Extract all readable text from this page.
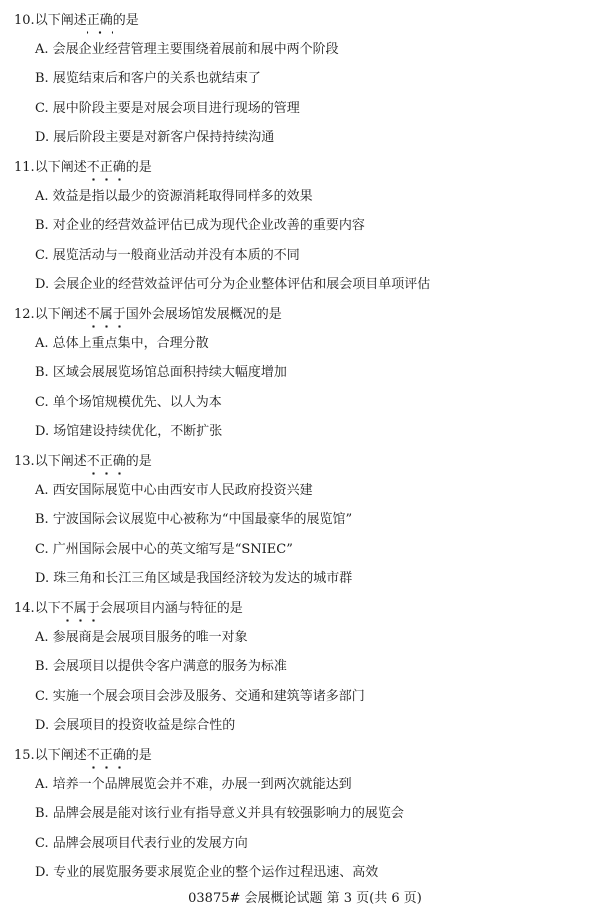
10.以下阐述正确的是
A. 会展企业经营管理主要围绕着展前和展中两个阶段
B. 展览结束后和客户的关系也就结束了
C. 展中阶段主要是对展会项目进行现场的管理
D. 展后阶段主要是对新客户保持持续沟通
11.以下阐述不正确的是
A. 效益是指以最少的资源消耗取得同样多的效果
B. 对企业的经营效益评估已成为现代企业改善的重要内容
C. 展览活动与一般商业活动并没有本质的不同
D. 会展企业的经营效益评估可分为企业整体评估和展会项目单项评估
12.以下阐述不属于国外会展场馆发展概况的是
A. 总体上重点集中，合理分散
B. 区域会展展览场馆总面积持续大幅度增加
C. 单个场馆规模优先、以人为本
D. 场馆建设持续优化，不断扩张
13.以下阐述不正确的是
A. 西安国际展览中心由西安市人民政府投资兴建
B. 宁波国际会议展览中心被称为“中国最豪华的展览馆”
C. 广州国际会展中心的英文缩写是“SNIEC”
D. 珠三角和长江三角区域是我国经济较为发达的城市群
14.以下不属于会展项目内涵与特征的是
A. 参展商是会展项目服务的唯一对象
B. 会展项目以提供令客户满意的服务为标准
C. 实施一个展会项目会涉及服务、交通和建筑等诸多部门
D. 会展项目的投资收益是综合性的
15.以下阐述不正确的是
A. 培养一个品牌展览会并不难，办展一到两次就能达到
B. 品牌会展是能对该行业有指导意义并具有较强影响力的展览会
C. 品牌会展项目代表行业的发展方向
D. 专业的展览服务要求展览企业的整个运作过程迅速、高效
03875# 会展概论试题 第 3 页(共 6 页)
